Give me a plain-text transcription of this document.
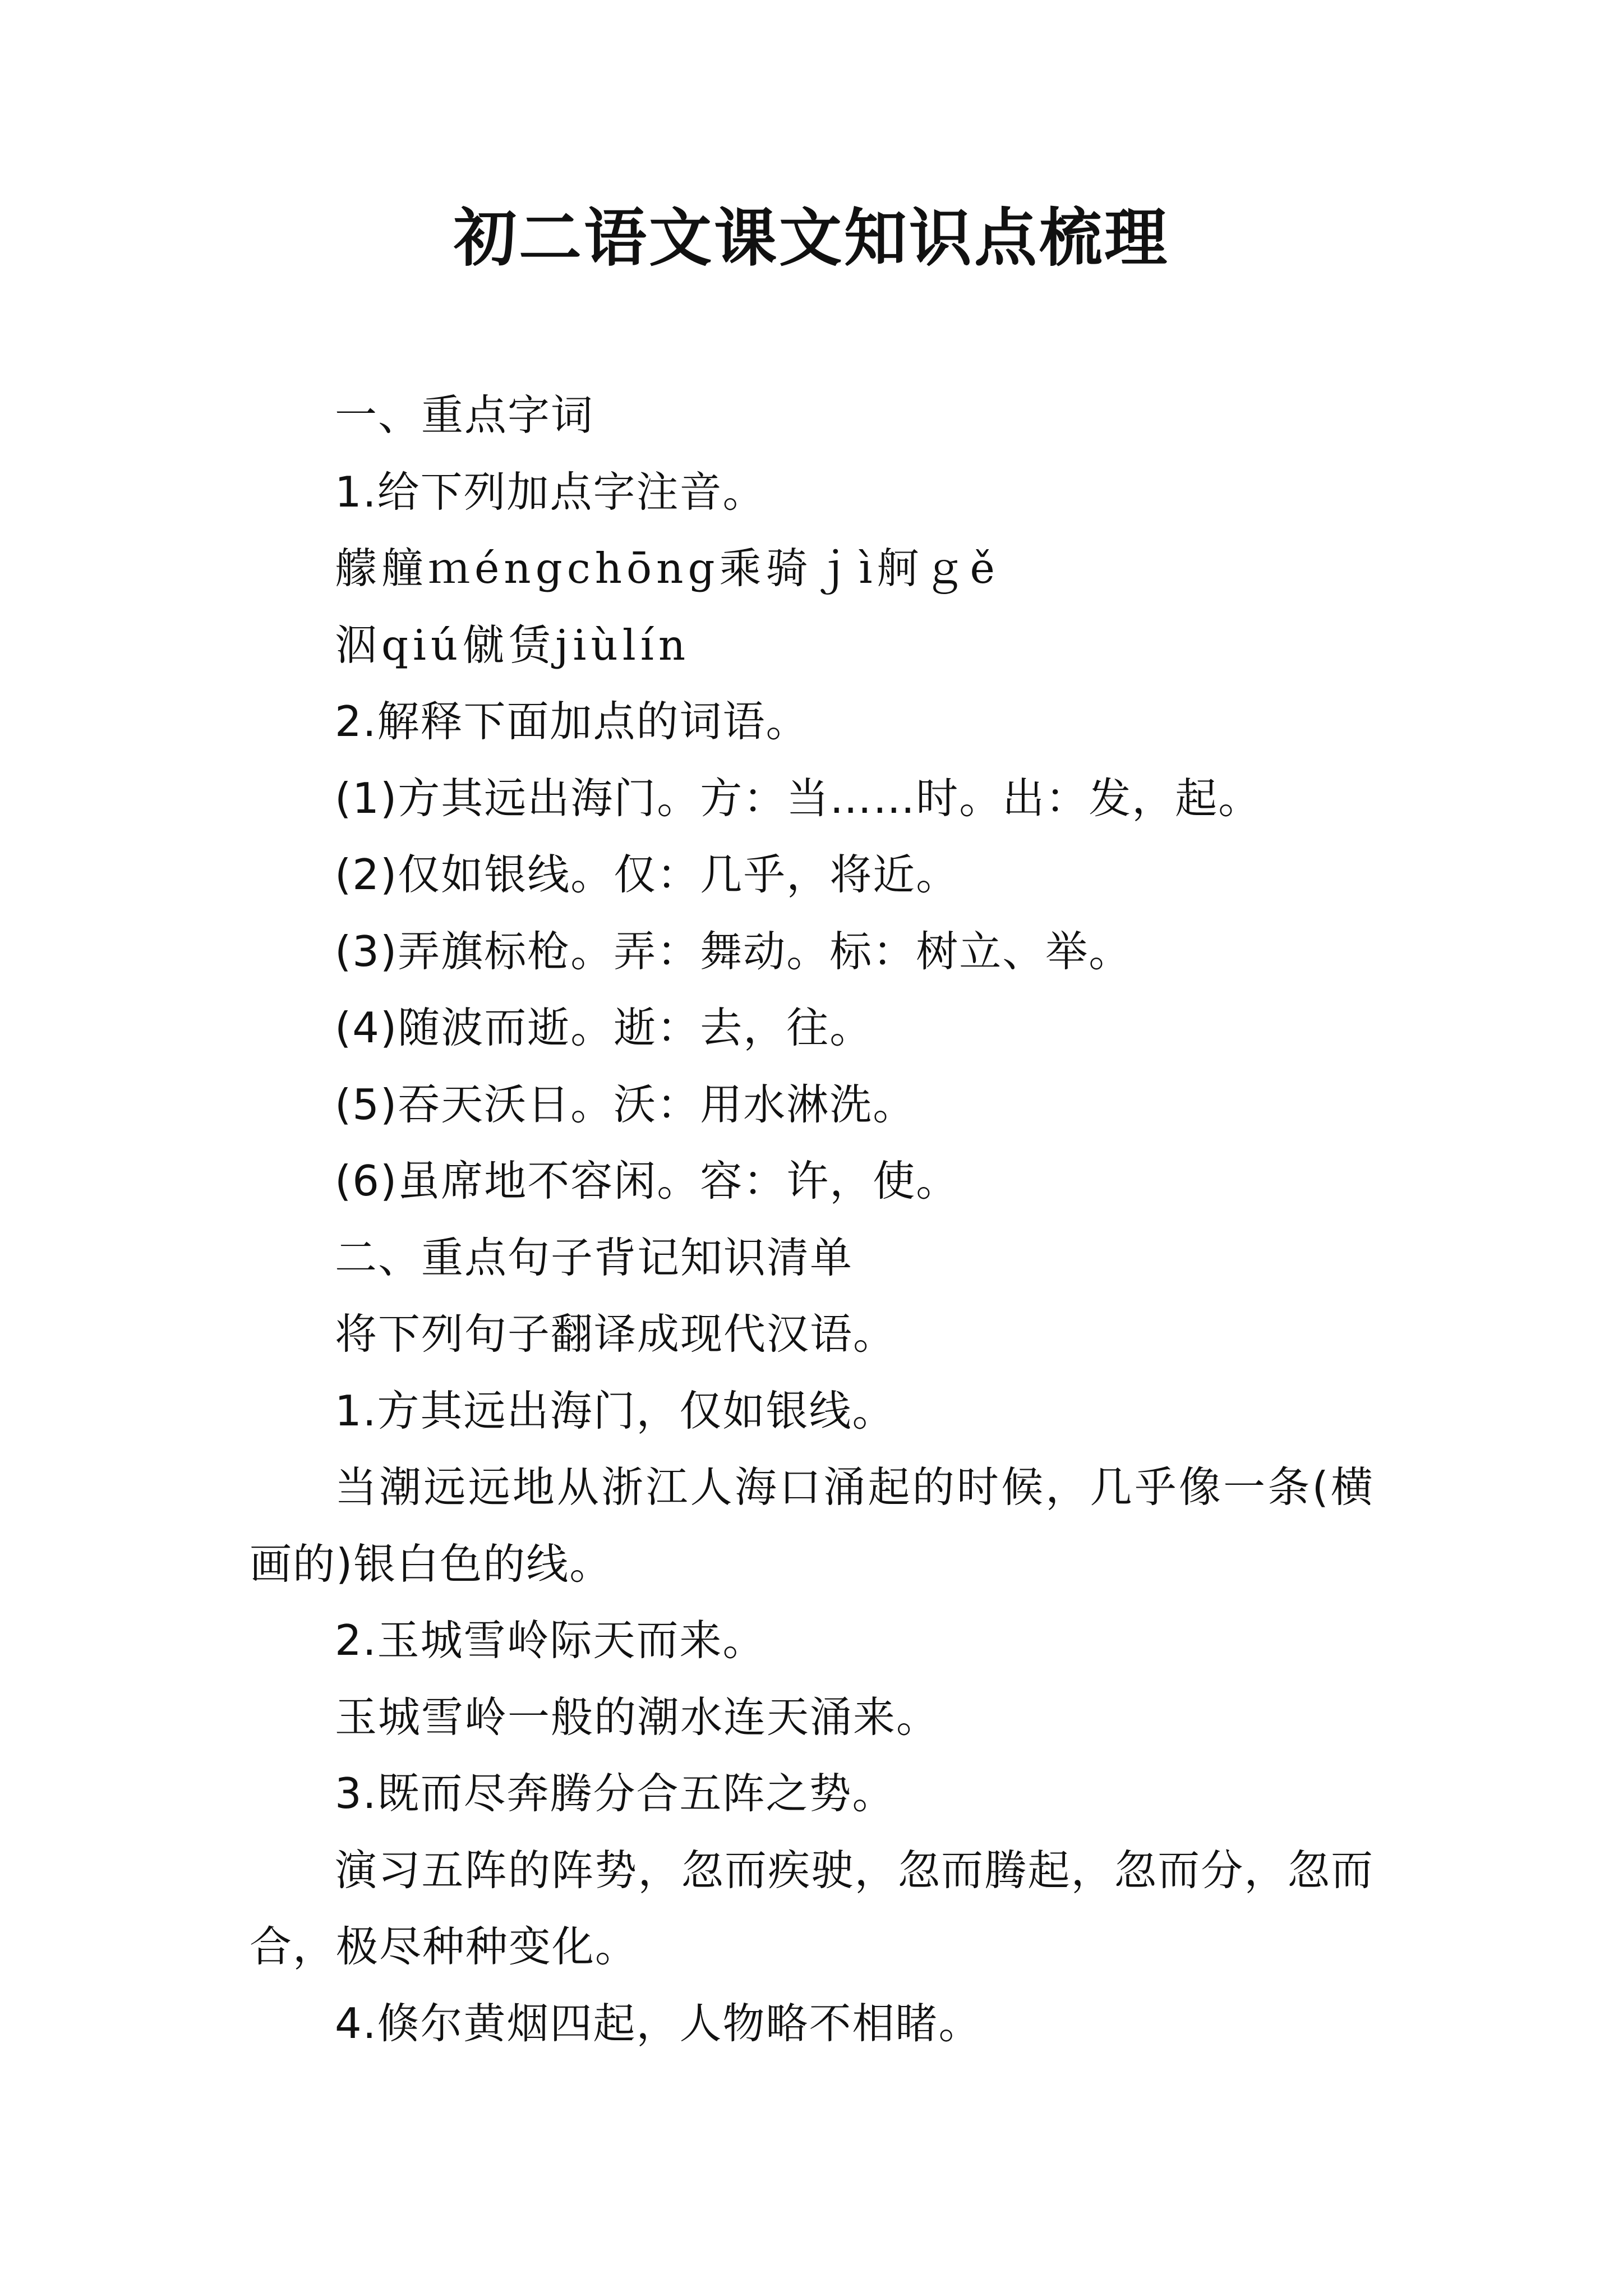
初二语文课文知识点梳理

一、重点字词

1.给下列加点字注音。

艨艟ｍéngchōng乘骑ｊì舸ｇě

泅qiú僦赁jiùlín

2.解释下面加点的词语。

(1)方其远出海门。方：当……时。出：发，起。

(2)仅如银线。仅：几乎，将近。

(3)弄旗标枪。弄：舞动。标：树立、举。

(4)随波而逝。逝：去，往。

(5)吞天沃日。沃：用水淋洗。

(6)虽席地不容闲。容：许，使。

二、重点句子背记知识清单

将下列句子翻译成现代汉语。

1.方其远出海门，仅如银线。

当潮远远地从浙江人海口涌起的时候，几乎像一条(横画的)银白色的线。

2.玉城雪岭际天而来。

玉城雪岭一般的潮水连天涌来。

3.既而尽奔腾分合五阵之势。

演习五阵的阵势，忽而疾驶，忽而腾起，忽而分，忽而合，极尽种种变化。

4.倏尔黄烟四起，人物略不相睹。
